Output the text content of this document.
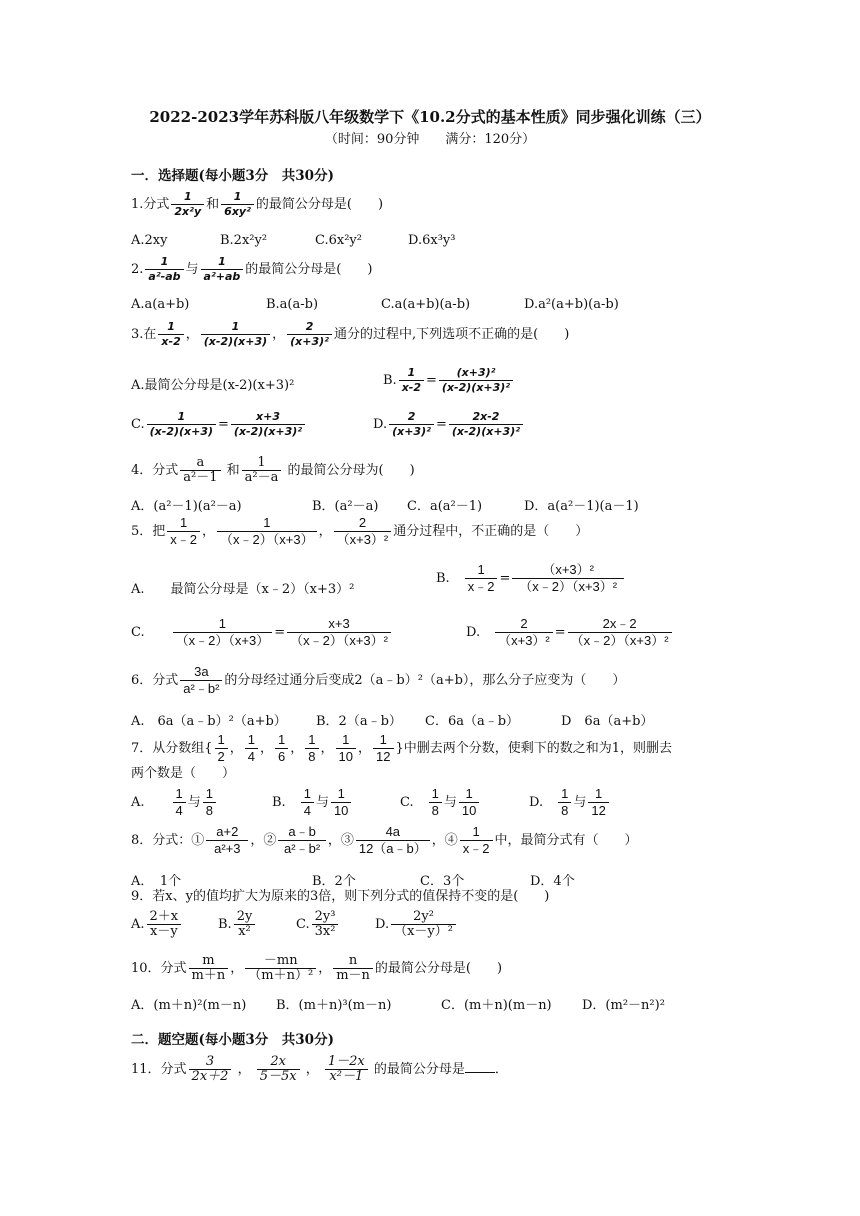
2022-2023学年苏科版八年级数学下《10.2分式的基本性质》同步强化训练（三）
（时间：90分钟　　满分：120分）
一．选择题(每小题3分　共30分)
1.分式 $\frac{1}{\text{2x²y}}$ 和 $\frac{1}{\text{6xy²}}$ 的最简公分母是(　　)
A.2xy	B.2x²y²	C.6x²y²	D.6x³y³
2. $\frac{1}{\text{a²-ab}}$ 与 $\frac{1}{\text{a²+ab}}$ 的最简公分母是(　　)
A.a(a+b)	B.a(a-b)	C.a(a+b)(a-b)	D.a²(a+b)(a-b)
3.在 $\frac{1}{x-2}$ ， $\frac{1}{(x-2)(x+3)}$ ， $\frac{2}{\text{(x+3)²}}$ 通分的过程中,下列选项不正确的是(　　)
A.最简公分母是(x-2)(x+3)²	B. $\frac{1}{x-2} = \frac{\text{(x+3)²}}{\text{(x-2)(x+3)²}}$
C. $\frac{1}{(x-2)(x+3)} = \frac{x+3}{\text{(x-2)(x+3)²}}$	D. $\frac{2}{\text{(x+3)²}} = \frac{2x-2}{\text{(x-2)(x+3)²}}$
4．分式 $\frac{a}{\text{a²－1}}$ 和 $\frac{1}{\text{a²－a}}$ 的最简公分母为(　　)
A．(a²－1)(a²－a)	B．(a²－a) C．a(a²－1)	D．a(a²－1)(a－1)
5．把 $\frac{1}{x﹣2}$ ， $\frac{1}{(x﹣2)(x+3)}$ ， $\frac{2}{\text{（x+3）²}}$ 通分过程中，不正确的是（　　）
A.　　最简公分母是（x﹣2）（x+3）²
B.　 $\frac{1}{x﹣2} = \frac{\text{（x+3）²}}{\text{（x﹣2）（x+3）²}}$
C.　　 $\frac{1}{(x﹣2)(x+3)} = \frac{x+3}{\text{（x﹣2）（x+3）²}}$	D.　 $\frac{2}{\text{（x+3）²}} = \frac{2x﹣2}{\text{（x﹣2）（x+3）²}}$
6．分式 $\frac{3a}{\text{a²﹣b²}}$ 的分母经过通分后变成2（a﹣b）²（a+b），那么分子应变为（　　）
A.　6a（a﹣b）²（a+b） B．2（a﹣b） C．6a（a﹣b）	D　6a（a+b）
7．从分数组{ $\frac{1}{2}$ ， $\frac{1}{4}$ ， $\frac{1}{6}$ ， $\frac{1}{8}$ ， $\frac{1}{10}$ ， $\frac{1}{12}$ }中删去两个分数，使剩下的数之和为1，则删去
两个数是（　　）
A.　　 $\frac{1}{4}$ 与 $\frac{1}{8}$	B.　 $\frac{1}{4}$ 与 $\frac{1}{10}$	C.　 $\frac{1}{8}$ 与 $\frac{1}{10}$	D.　 $\frac{1}{8}$ 与 $\frac{1}{12}$
8．分式：① $\frac{a+2}{\text{a²+3}}$ ，② $\frac{a﹣b}{\text{a²﹣b²}}$ ，③ $\frac{4a}{12(a﹣b)}$ ，④ $\frac{1}{x﹣2}$ 中，最简分式有（　　）
A．　1个	B．2个	C．3个	D．4个
9．若x、y的值均扩大为原来的3倍，则下列分式的值保持不变的是(　　)
A. $\frac{2+x}{x-y}$	B. $\frac{2y}{\text{x²}}$	C. $\frac{\text{2y³}}{\text{3x²}}$	D. $\frac{\text{2y²}}{\text{（x－y）²}}$
10．分式 $\frac{m}{m+n}$ ， $\frac{-mn}{\text{（m＋n）²}}$ ， $\frac{n}{m-n}$ 的最简公分母是(　　)
A．(m＋n)²(m－n) B．(m＋n)³(m－n)	C．(m＋n)(m－n) D．(m²－n²)²
二．题空题(每小题3分　共30分)
11．分式 $\frac{3}{2x+2}$ ， $\frac{2x}{5-5x}$ ， $\frac{1-2x}{\text{x²－1}}$ 的最简公分母是 ．
